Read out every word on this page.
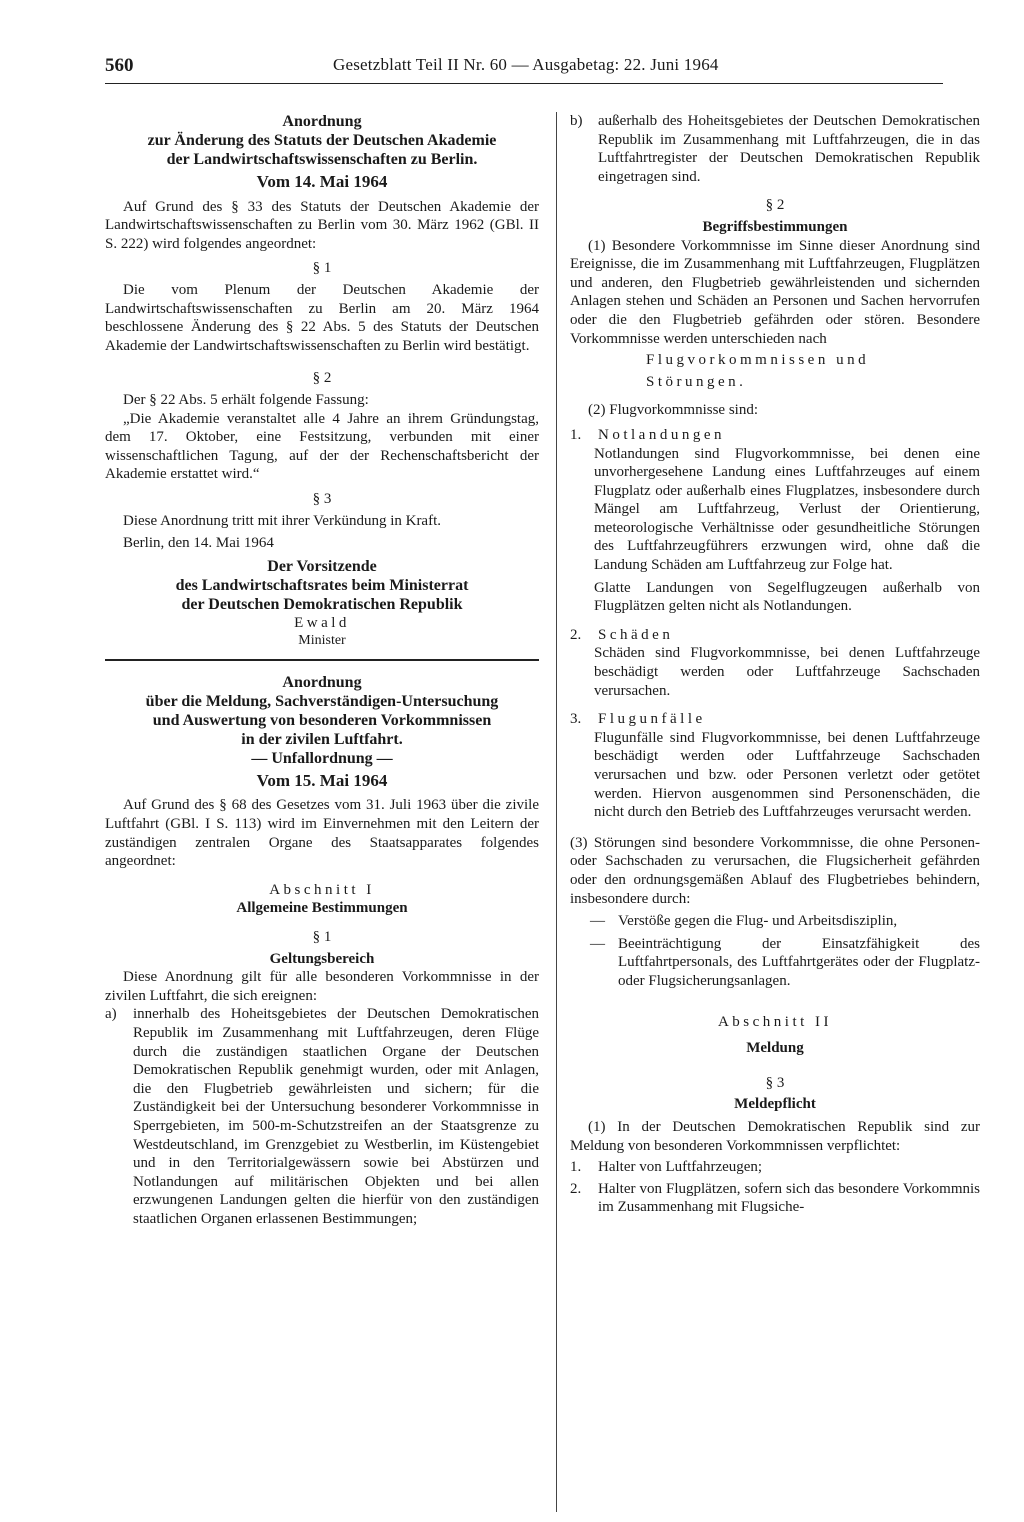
560	Gesetzblatt Teil II Nr. 60 — Ausgabetag: 22. Juni 1964

Anordnung

zur Änderung des Statuts der Deutschen Akademie

der Landwirtschaftswissenschaften zu Berlin.

Vom 14. Mai 1964

Auf Grund des § 33 des Statuts der Deutschen Akademie der Landwirtschaftswissenschaften zu Berlin vom 30. März 1962 (GBl. II S. 222) wird folgendes angeordnet:

§ 1

Die vom Plenum der Deutschen Akademie der Landwirtschaftswissenschaften zu Berlin am 20. März 1964 beschlossene Änderung des § 22 Abs. 5 des Statuts der Deutschen Akademie der Landwirtschaftswissenschaften zu Berlin wird bestätigt.

§ 2

Der § 22 Abs. 5 erhält folgende Fassung:

„Die Akademie veranstaltet alle 4 Jahre an ihrem Gründungstag, dem 17. Oktober, eine Festsitzung, verbunden mit einer wissenschaftlichen Tagung, auf der der Rechenschaftsbericht der Akademie erstattet wird.“

§ 3

Diese Anordnung tritt mit ihrer Verkündung in Kraft.

Berlin, den 14. Mai 1964

Der Vorsitzende

des Landwirtschaftsrates beim Ministerrat

der Deutschen Demokratischen Republik

Ewald

Minister

Anordnung

über die Meldung, Sachverständigen-Untersuchung

und Auswertung von besonderen Vorkommnissen

in der zivilen Luftfahrt.

— Unfallordnung —

Vom 15. Mai 1964

Auf Grund des § 68 des Gesetzes vom 31. Juli 1963 über die zivile Luftfahrt (GBl. I S. 113) wird im Einvernehmen mit den Leitern der zuständigen zentralen Organe des Staatsapparates folgendes angeordnet:

Abschnitt I

Allgemeine Bestimmungen

§ 1

Geltungsbereich

Diese Anordnung gilt für alle besonderen Vorkommnisse in der zivilen Luftfahrt, die sich ereignen:

a)	innerhalb des Hoheitsgebietes der Deutschen Demokratischen Republik im Zusammenhang mit Luftfahrzeugen, deren Flüge durch die zuständigen staatlichen Organe der Deutschen Demokratischen Republik genehmigt wurden, oder mit Anlagen, die den Flugbetrieb gewährleisten und sichern; für die Zuständigkeit bei der Untersuchung besonderer Vorkommnisse in Sperrgebieten, im 500-m-Schutzstreifen an der Staatsgrenze zu Westdeutschland, im Grenzgebiet zu Westberlin, im Küstengebiet und in den Territorialgewässern sowie bei Abstürzen und Notlandungen auf militärischen Objekten und bei allen erzwungenen Landungen gelten die hierfür von den zuständigen staatlichen Organen erlassenen Bestimmungen;
b)	außerhalb des Hoheitsgebietes der Deutschen Demokratischen Republik im Zusammenhang mit Luftfahrzeugen, die in das Luftfahrtregister der Deutschen Demokratischen Republik eingetragen sind.

§ 2

Begriffsbestimmungen

(1) Besondere Vorkommnisse im Sinne dieser Anordnung sind Ereignisse, die im Zusammenhang mit Luftfahrzeugen, Flugplätzen und anderen, den Flugbetrieb gewährleistenden und sichernden Anlagen stehen und Schäden an Personen und Sachen hervorrufen oder die den Flugbetrieb gefährden oder stören. Besondere Vorkommnisse werden unterschieden nach

Flugvorkommnissen und

Störungen.

(2) Flugvorkommnisse sind:

1.	Notlandungen

Notlandungen sind Flugvorkommnisse, bei denen eine unvorhergesehene Landung eines Luftfahrzeuges auf einem Flugplatz oder außerhalb eines Flugplatzes, insbesondere durch Mängel am Luftfahrzeug, Verlust der Orientierung, meteorologische Verhältnisse oder gesundheitliche Störungen des Luftfahrzeugführers erzwungen wird, ohne daß die Landung Schäden am Luftfahrzeug zur Folge hat.

Glatte Landungen von Segelflugzeugen außerhalb von Flugplätzen gelten nicht als Notlandungen.

2.	Schäden

Schäden sind Flugvorkommnisse, bei denen Luftfahrzeuge beschädigt werden oder Luftfahrzeuge Sachschaden verursachen.

3.	Flugunfälle

Flugunfälle sind Flugvorkommnisse, bei denen Luftfahrzeuge beschädigt werden oder Luftfahrzeuge Sachschaden verursachen und bzw. oder Personen verletzt oder getötet werden. Hiervon ausgenommen sind Personenschäden, die nicht durch den Betrieb des Luftfahrzeuges verursacht werden.

(3) Störungen sind besondere Vorkommnisse, die ohne Personen- oder Sachschaden zu verursachen, die Flugsicherheit gefährden oder den ordnungsgemäßen Ablauf des Flugbetriebes behindern, insbesondere durch:

— Verstöße gegen die Flug- und Arbeitsdisziplin,
— Beeinträchtigung der Einsatzfähigkeit des Luftfahrtpersonals, des Luftfahrtgerätes oder der Flugplatz- oder Flugsicherungsanlagen.

Abschnitt II

Meldung

§ 3

Meldepflicht

(1) In der Deutschen Demokratischen Republik sind zur Meldung von besonderen Vorkommnissen verpflichtet:

1.	Halter von Luftfahrzeugen;
2.	Halter von Flugplätzen, sofern sich das besondere Vorkommnis im Zusammenhang mit Flugsiche-
